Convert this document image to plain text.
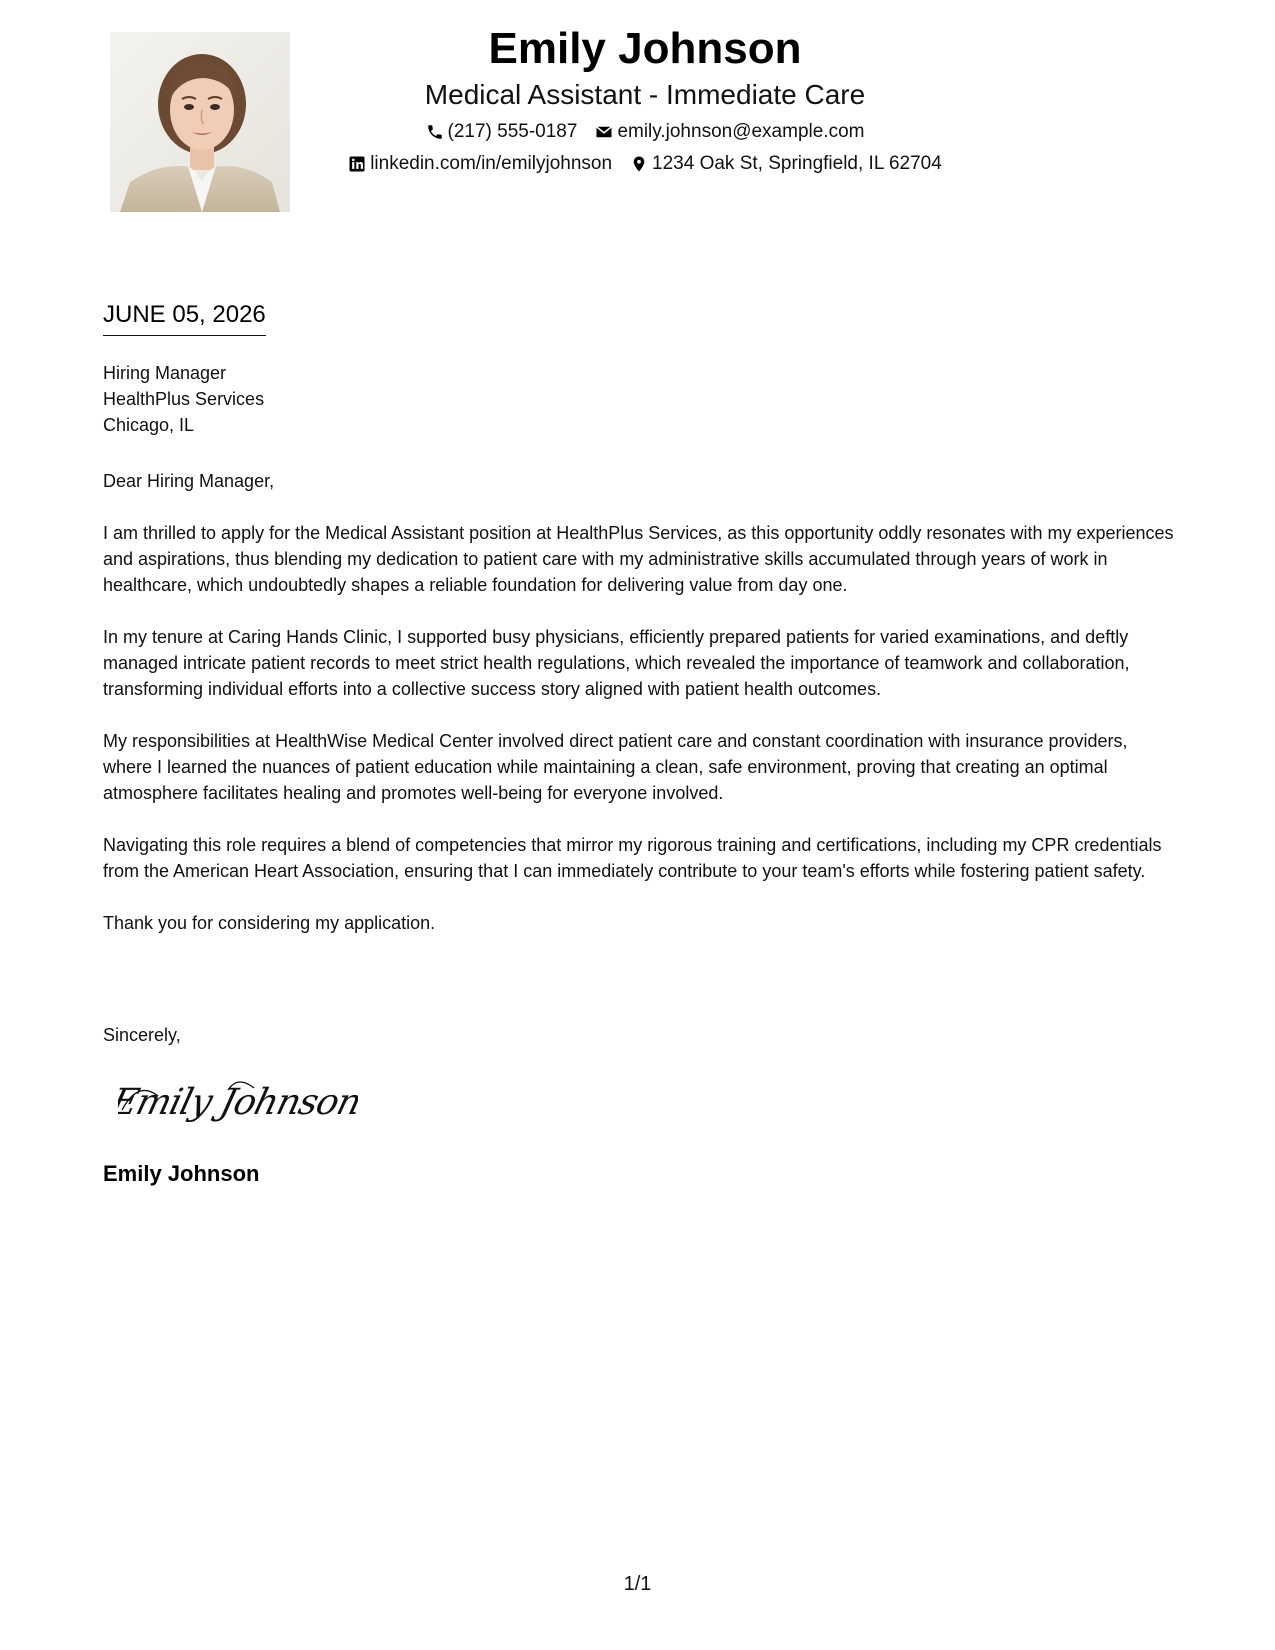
Emily Johnson
Medical Assistant - Immediate Care
(217) 555-0187 emily.johnson@example.com
linkedin.com/in/emilyjohnson 1234 Oak St, Springfield, IL 62704
JUNE 05, 2026
Hiring Manager
HealthPlus Services
Chicago, IL

Dear Hiring Manager,

I am thrilled to apply for the Medical Assistant position at HealthPlus Services, as this opportunity oddly resonates with my experiences and aspirations, thus blending my dedication to patient care with my administrative skills accumulated through years of work in healthcare, which undoubtedly shapes a reliable foundation for delivering value from day one.

In my tenure at Caring Hands Clinic, I supported busy physicians, efficiently prepared patients for varied examinations, and deftly managed intricate patient records to meet strict health regulations, which revealed the importance of teamwork and collaboration, transforming individual efforts into a collective success story aligned with patient health outcomes.

My responsibilities at HealthWise Medical Center involved direct patient care and constant coordination with insurance providers, where I learned the nuances of patient education while maintaining a clean, safe environment, proving that creating an optimal atmosphere facilitates healing and promotes well-being for everyone involved.

Navigating this role requires a blend of competencies that mirror my rigorous training and certifications, including my CPR credentials from the American Heart Association, ensuring that I can immediately contribute to your team's efforts while fostering patient safety.

Thank you for considering my application.

Sincerely,
Emily Johnson
Emily Johnson
1/1
